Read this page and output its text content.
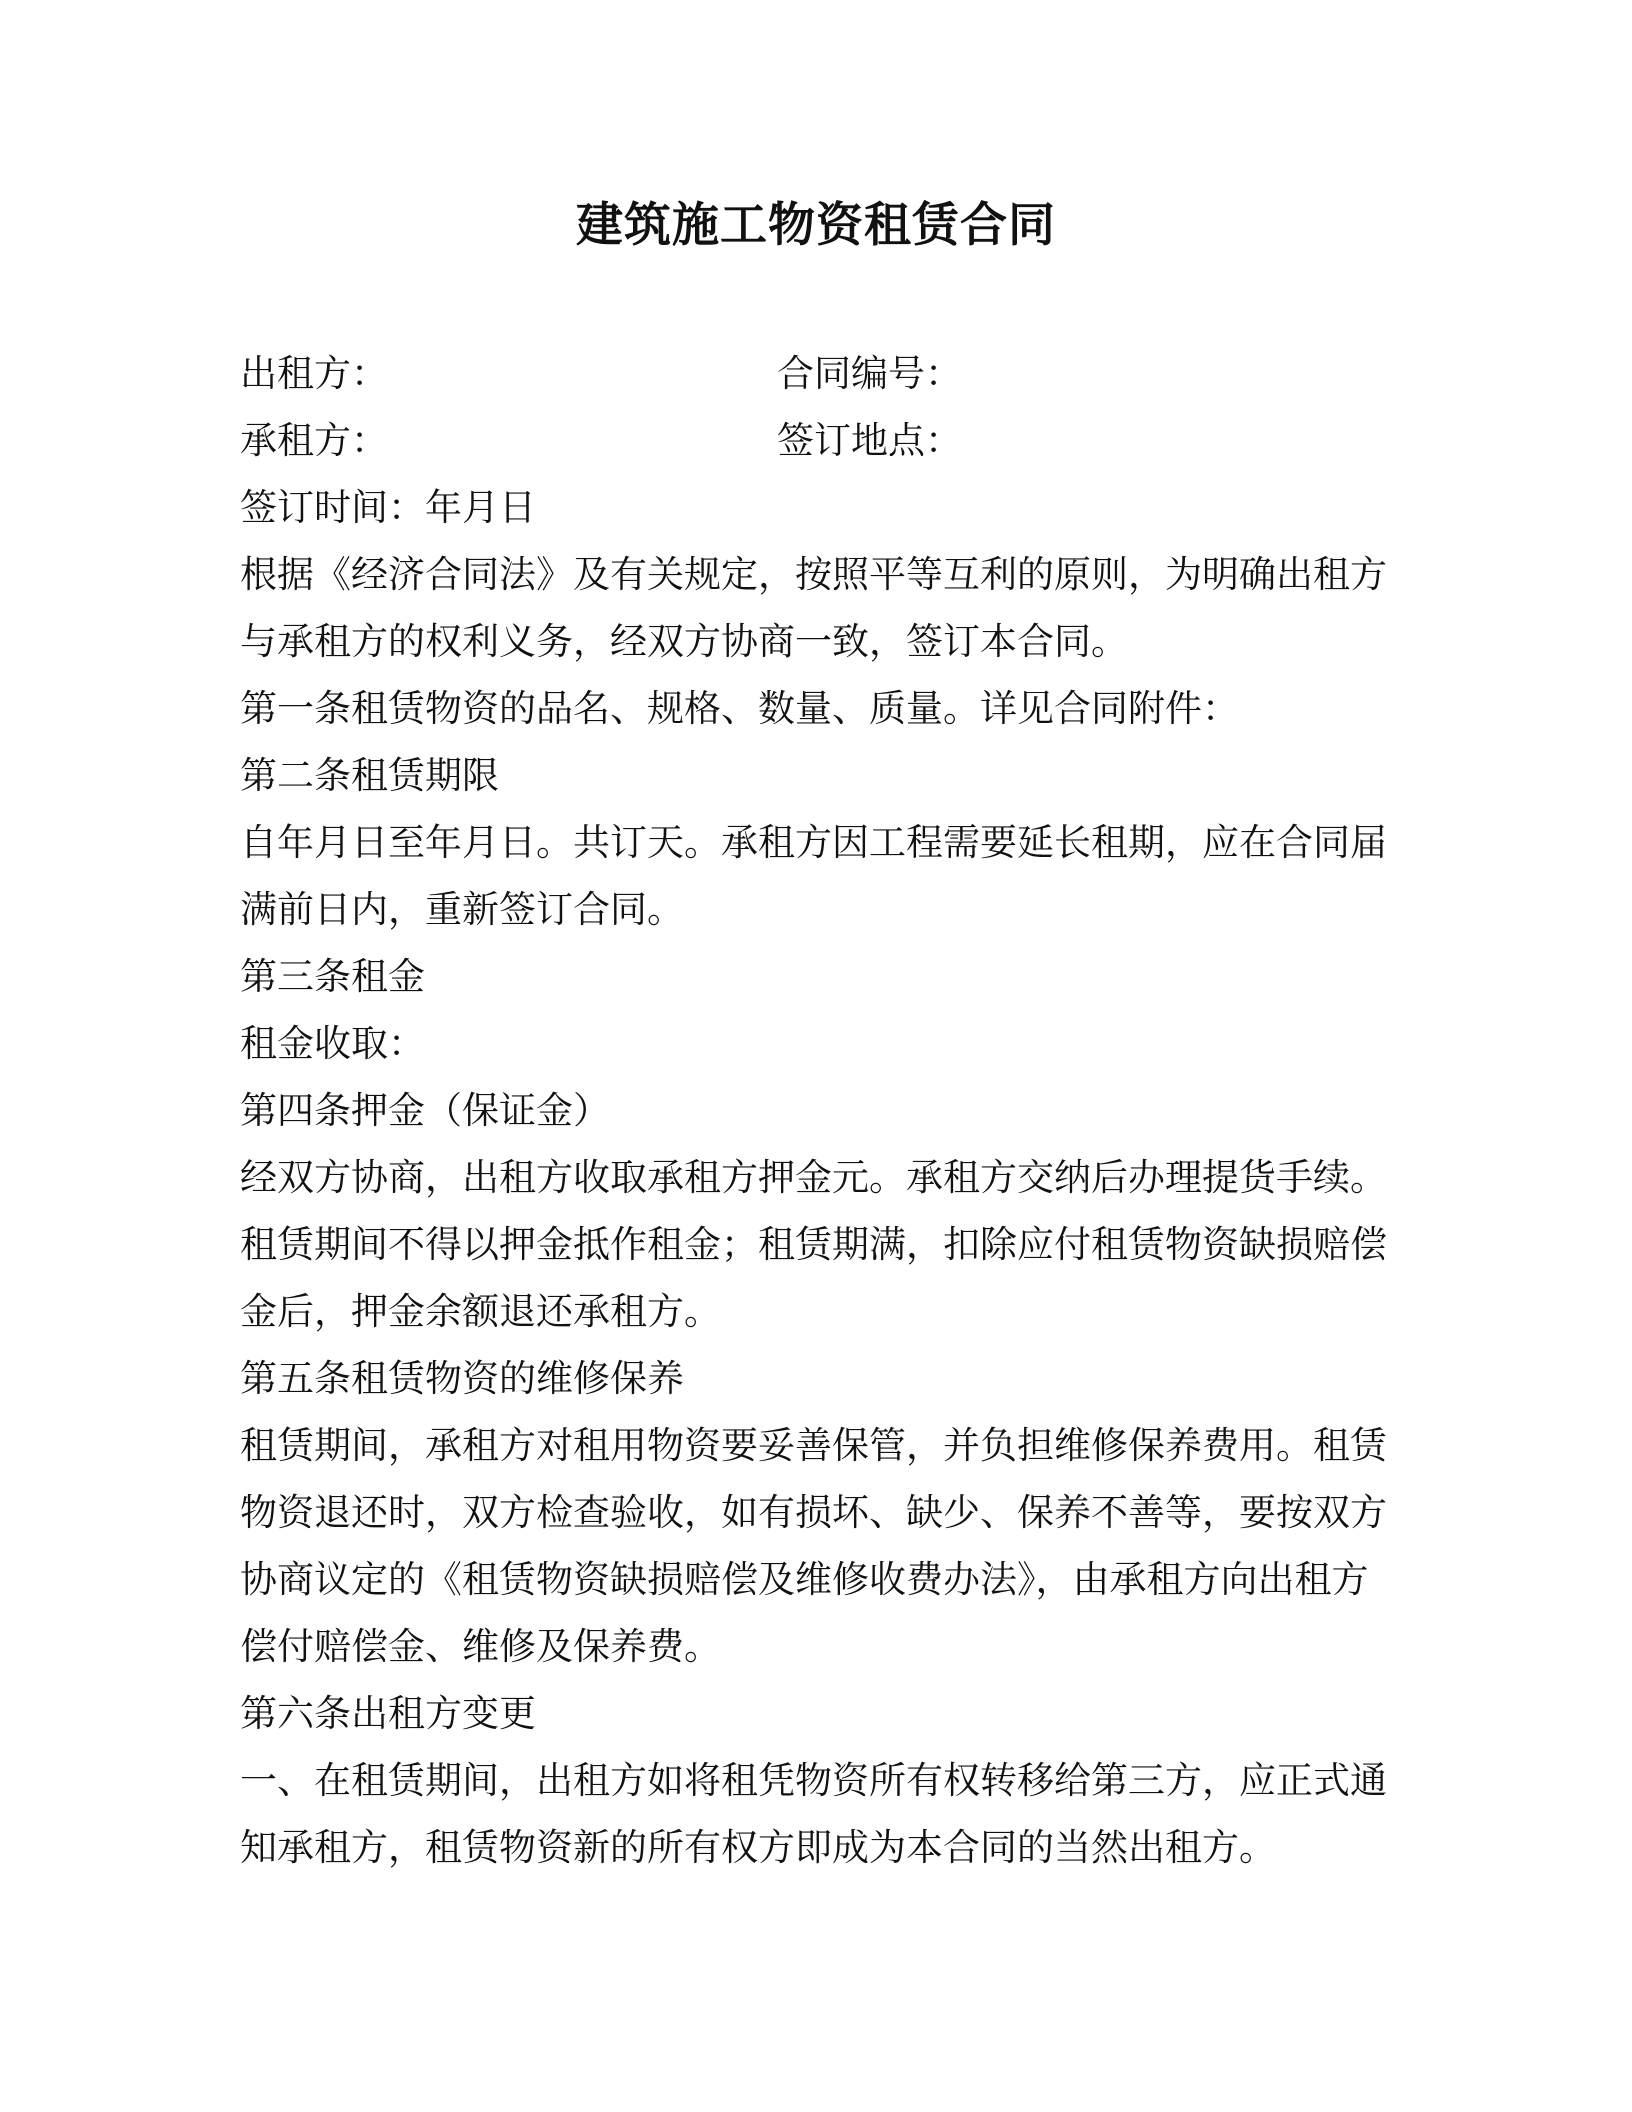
建筑施工物资租赁合同
出租方：	合同编号：
承租方：	签订地点：
签订时间：年月日
根据《经济合同法》及有关规定，按照平等互利的原则，为明确出租方
与承租方的权利义务，经双方协商一致，签订本合同。
第一条租赁物资的品名、规格、数量、质量。详见合同附件：
第二条租赁期限
自年月日至年月日。共订天。承租方因工程需要延长租期，应在合同届
满前日内，重新签订合同。
第三条租金
租金收取：
第四条押金（保证金）
经双方协商，出租方收取承租方押金元。承租方交纳后办理提货手续。
租赁期间不得以押金抵作租金；租赁期满，扣除应付租赁物资缺损赔偿
金后，押金余额退还承租方。
第五条租赁物资的维修保养
租赁期间，承租方对租用物资要妥善保管，并负担维修保养费用。租赁
物资退还时，双方检查验收，如有损坏、缺少、保养不善等，要按双方
协商议定的《租赁物资缺损赔偿及维修收费办法》，由承租方向出租方
偿付赔偿金、维修及保养费。
第六条出租方变更
一、在租赁期间，出租方如将租凭物资所有权转移给第三方，应正式通
知承租方，租赁物资新的所有权方即成为本合同的当然出租方。
